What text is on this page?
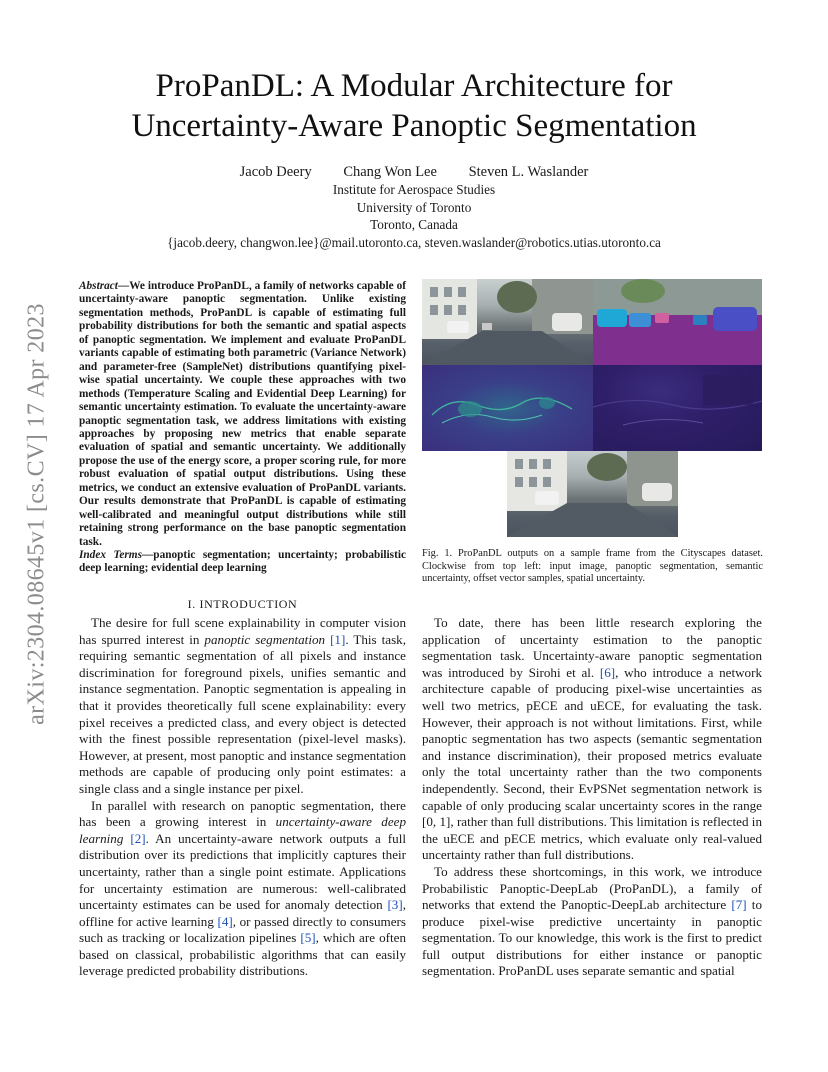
arXiv:2304.08645v1 [cs.CV] 17 Apr 2023
ProPanDL: A Modular Architecture for
Uncertainty-Aware Panoptic Segmentation
Jacob Deery Chang Won Lee Steven L. Waslander
Institute for Aerospace Studies
University of Toronto
Toronto, Canada
{jacob.deery, changwon.lee}@mail.utoronto.ca, steven.waslander@robotics.utias.utoronto.ca
Abstract—We introduce ProPanDL, a family of networks capable of uncertainty-aware panoptic segmentation. Unlike existing segmentation methods, ProPanDL is capable of estimating full probability distributions for both the semantic and spatial aspects of panoptic segmentation. We implement and evaluate ProPanDL variants capable of estimating both parametric (Variance Network) and parameter-free (SampleNet) distributions quantifying pixel-wise spatial uncertainty. We couple these approaches with two methods (Temperature Scaling and Evidential Deep Learning) for semantic uncertainty estimation. To evaluate the uncertainty-aware panoptic segmentation task, we address limitations with existing approaches by proposing new metrics that enable separate evaluation of spatial and semantic uncertainty. We additionally propose the use of the energy score, a proper scoring rule, for more robust evaluation of spatial output distributions. Using these metrics, we conduct an extensive evaluation of ProPanDL variants. Our results demonstrate that ProPanDL is capable of estimating well-calibrated and meaningful output distributions while still retaining strong performance on the base panoptic segmentation task.
Index Terms—panoptic segmentation; uncertainty; probabilistic deep learning; evidential deep learning
I. INTRODUCTION

The desire for full scene explainability in computer vision has spurred interest in panoptic segmentation [1]. This task, requiring semantic segmentation of all pixels and instance discrimination for foreground pixels, unifies semantic and instance segmentation. Panoptic segmentation is appealing in that it provides theoretically full scene explainability: every pixel receives a predicted class, and every object is detected with the finest possible representation (pixel-level masks). However, at present, most panoptic and instance segmentation methods are capable of producing only point estimates: a single class and a single instance per pixel.

In parallel with research on panoptic segmentation, there has been a growing interest in uncertainty-aware deep learning [2]. An uncertainty-aware network outputs a full distribution over its predictions that implicitly captures their uncertainty, rather than a single point estimate. Applications for uncertainty estimation are numerous: well-calibrated uncertainty estimates can be used for anomaly detection [3], offline for active learning [4], or passed directly to consumers such as tracking or localization pipelines [5], which are often based on classical, probabilistic algorithms that can easily leverage predicted probability distributions.

Fig. 1. ProPanDL outputs on a sample frame from the Cityscapes dataset. Clockwise from top left: input image, panoptic segmentation, semantic uncertainty, offset vector samples, spatial uncertainty.

To date, there has been little research exploring the application of uncertainty estimation to the panoptic segmentation task. Uncertainty-aware panoptic segmentation was introduced by Sirohi et al. [6], who introduce a network architecture capable of producing pixel-wise uncertainties as well two metrics, pECE and uECE, for evaluating the task. However, their approach is not without limitations. First, while panoptic segmentation has two aspects (semantic segmentation and instance discrimination), their proposed metrics evaluate only the total uncertainty rather than the two components independently. Second, their EvPSNet segmentation network is capable of only producing scalar uncertainty scores in the range [0, 1], rather than full distributions. This limitation is reflected in the uECE and pECE metrics, which evaluate only real-valued uncertainty rather than full distributions.

To address these shortcomings, in this work, we introduce Probabilistic Panoptic-DeepLab (ProPanDL), a family of networks that extend the Panoptic-DeepLab architecture [7] to produce pixel-wise predictive uncertainty in panoptic segmentation. To our knowledge, this work is the first to predict full output distributions for either instance or panoptic segmentation. ProPanDL uses separate semantic and spatial
